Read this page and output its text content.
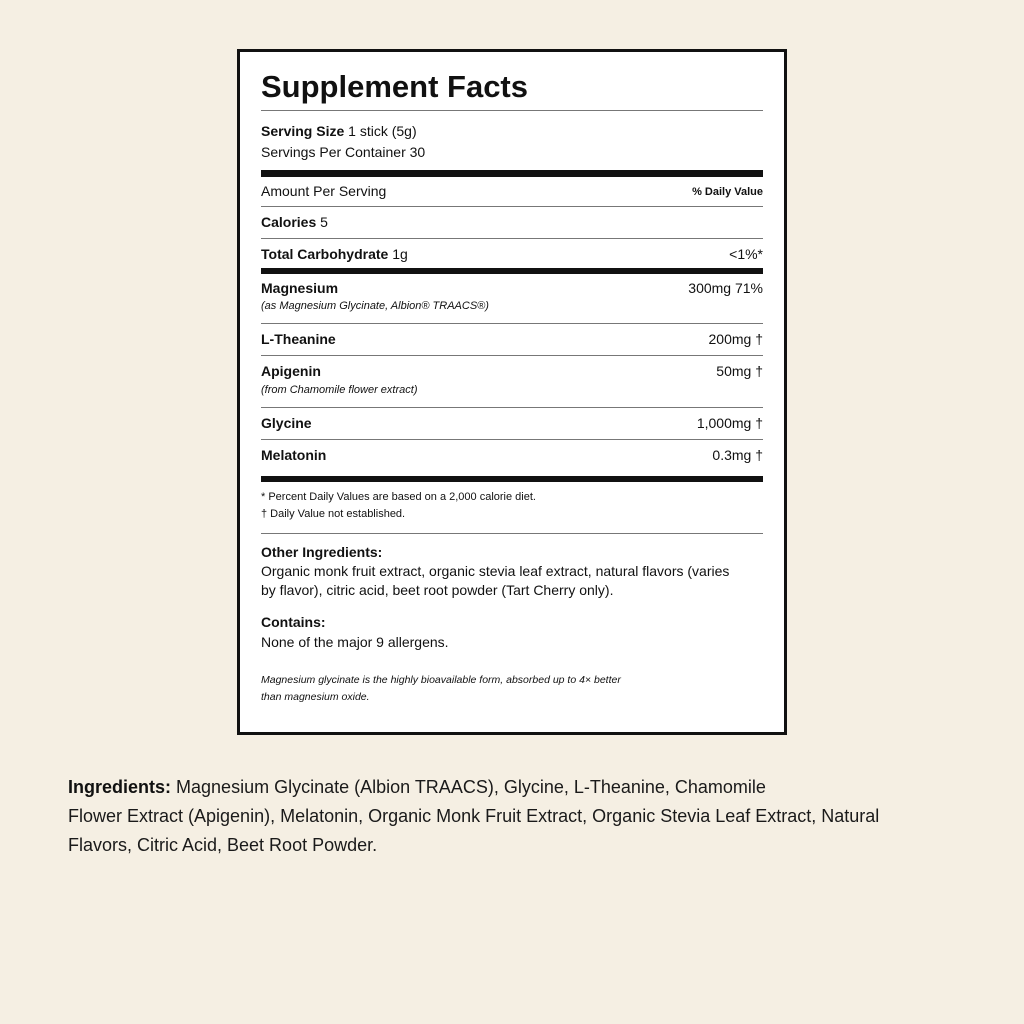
Supplement Facts
Serving Size 1 stick (5g)
Servings Per Container 30
Amount Per Serving	% Daily Value
Calories 5
Total Carbohydrate 1g	<1%*
Magnesium	300mg 71%
(as Magnesium Glycinate, Albion® TRAACS®)
L-Theanine	200mg †
Apigenin	50mg †
(from Chamomile flower extract)
Glycine	1,000mg †
Melatonin	0.3mg †
* Percent Daily Values are based on a 2,000 calorie diet.
† Daily Value not established.
Other Ingredients:
Organic monk fruit extract, organic stevia leaf extract, natural flavors (varies by flavor), citric acid, beet root powder (Tart Cherry only).
Contains:
None of the major 9 allergens.
Magnesium glycinate is the highly bioavailable form, absorbed up to 4× better than magnesium oxide.
Ingredients: Magnesium Glycinate (Albion TRAACS), Glycine, L-Theanine, Chamomile
Flower Extract (Apigenin), Melatonin, Organic Monk Fruit Extract, Organic Stevia Leaf Extract, Natural
Flavors, Citric Acid, Beet Root Powder.
